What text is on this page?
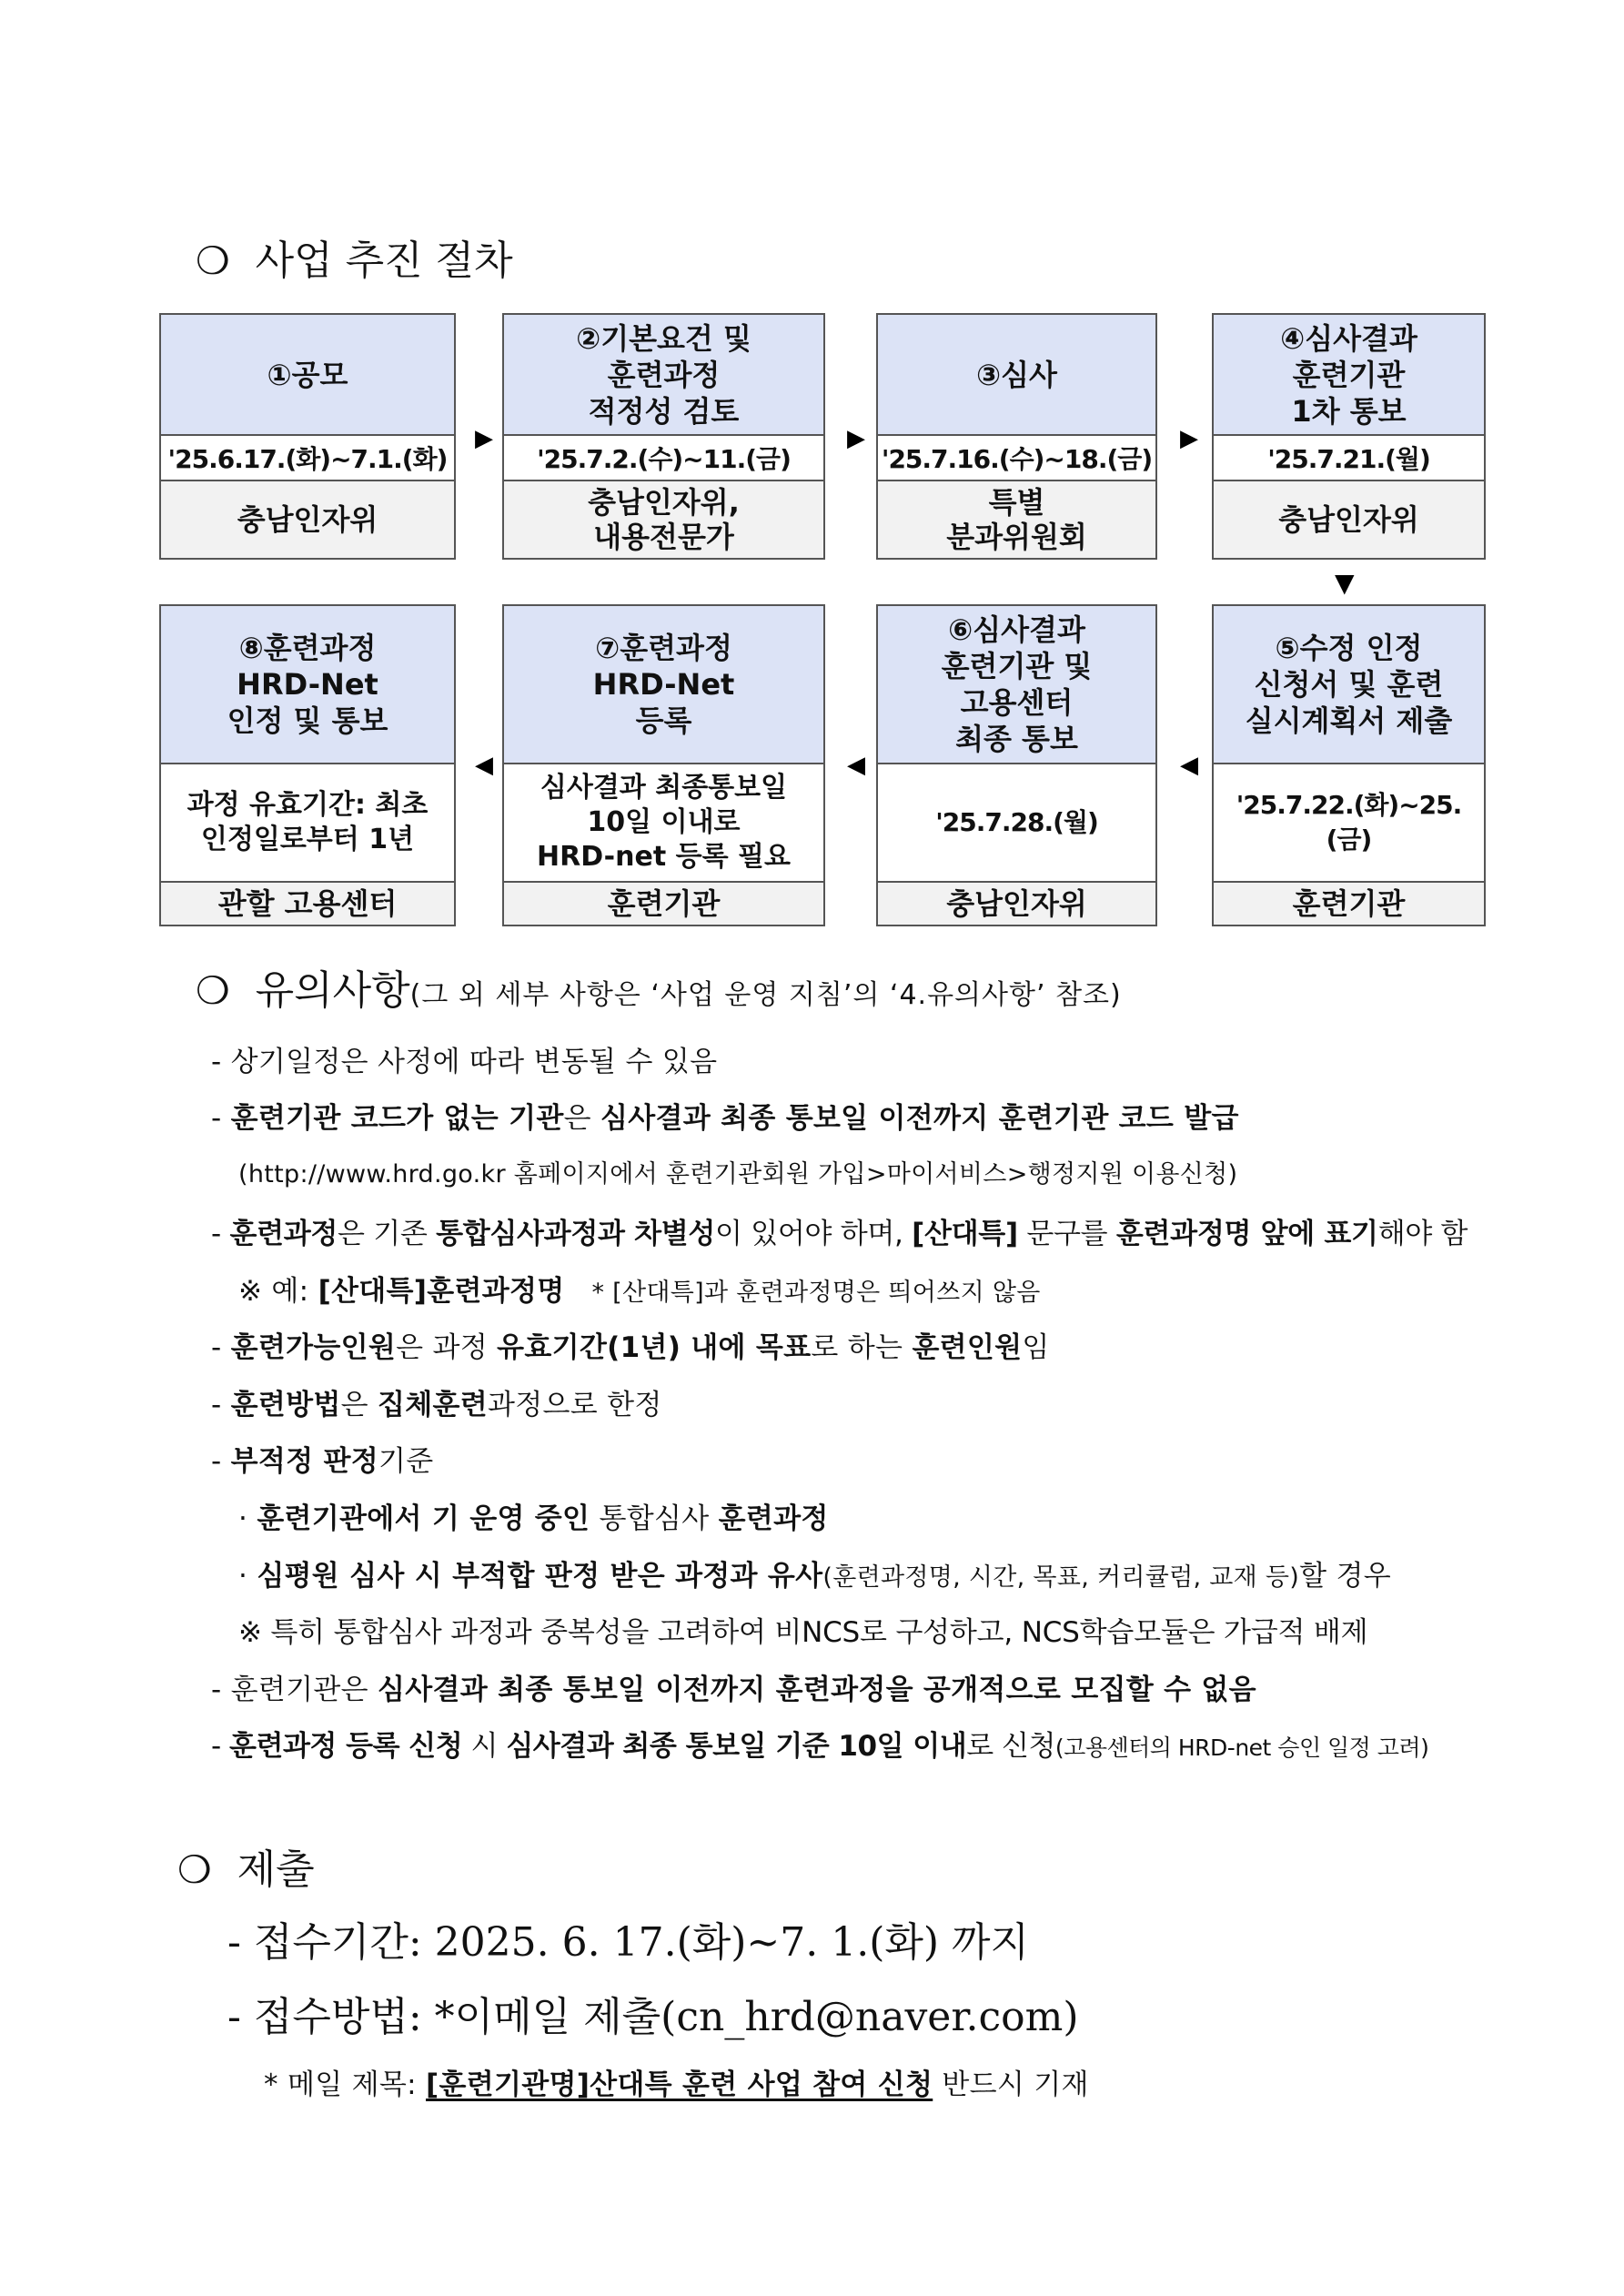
❍ 사업 추진 절차
①공모
'25.6.17.(화)~7.1.(화)
충남인자위
②기본요건 및
훈련과정
적정성 검토
'25.7.2.(수)~11.(금)
충남인자위,
내용전문가
③심사
'25.7.16.(수)~18.(금)
특별
분과위원회
④심사결과
훈련기관
1차 통보
'25.7.21.(월)
충남인자위
▶	▶	▶
▼
⑧훈련과정
HRD-Net
인정 및 통보
과정 유효기간: 최초
인정일로부터 1년
관할 고용센터
⑦훈련과정
HRD-Net
등록
심사결과 최종통보일
10일 이내로
HRD-net 등록 필요
훈련기관
⑥심사결과
훈련기관 및
고용센터
최종 통보
'25.7.28.(월)
충남인자위
⑤수정 인정
신청서 및 훈련
실시계획서 제출
'25.7.22.(화)~25.(금)
훈련기관
◀	◀	◀
❍ 유의사항(그 외 세부 사항은 ‘사업 운영 지침’의 ‘4.유의사항’ 참조)
- 상기일정은 사정에 따라 변동될 수 있음
- 훈련기관 코드가 없는 기관은 심사결과 최종 통보일 이전까지 훈련기관 코드 발급
(http://www.hrd.go.kr 홈페이지에서 훈련기관회원 가입>마이서비스>행정지원 이용신청)
- 훈련과정은 기존 통합심사과정과 차별성이 있어야 하며, [산대특] 문구를 훈련과정명 앞에 표기해야 함
※ 예: [산대특]훈련과정명 * [산대특]과 훈련과정명은 띄어쓰지 않음
- 훈련가능인원은 과정 유효기간(1년) 내에 목표로 하는 훈련인원임
- 훈련방법은 집체훈련과정으로 한정
- 부적정 판정기준
· 훈련기관에서 기 운영 중인 통합심사 훈련과정
· 심평원 심사 시 부적합 판정 받은 과정과 유사(훈련과정명, 시간, 목표, 커리큘럼, 교재 등)할 경우
※ 특히 통합심사 과정과 중복성을 고려하여 비NCS로 구성하고, NCS학습모듈은 가급적 배제
- 훈련기관은 심사결과 최종 통보일 이전까지 훈련과정을 공개적으로 모집할 수 없음
- 훈련과정 등록 신청 시 심사결과 최종 통보일 기준 10일 이내로 신청(고용센터의 HRD-net 승인 일정 고려)
❍ 제출
- 접수기간: 2025. 6. 17.(화)~7. 1.(화) 까지
- 접수방법: *이메일 제출(cn_hrd@naver.com)
* 메일 제목: [훈련기관명]산대특 훈련 사업 참여 신청 반드시 기재
